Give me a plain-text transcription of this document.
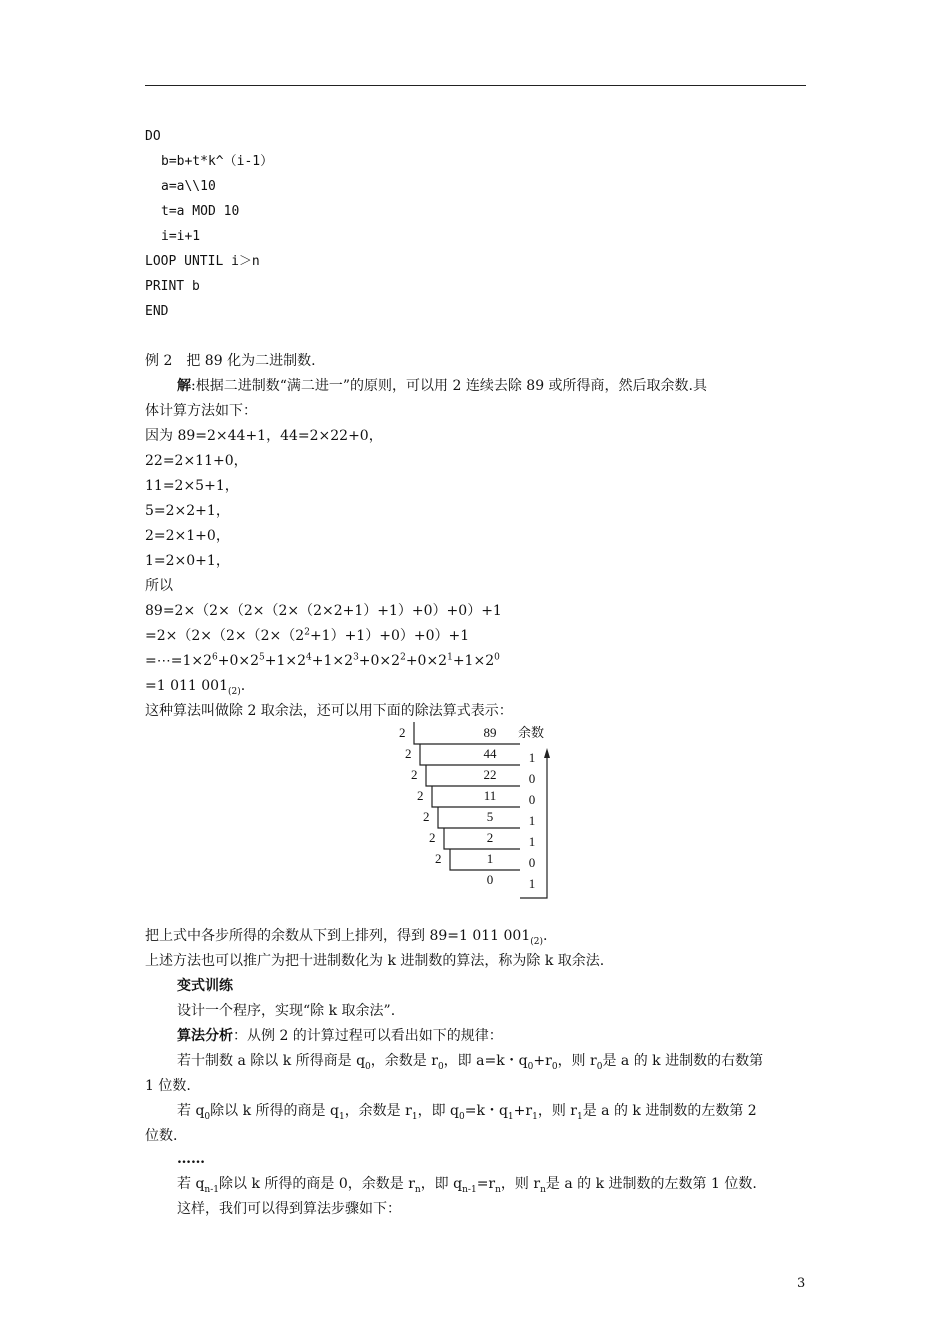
DO
b=b+t*k^（i-1）
a=a\\10
t=a MOD 10
i=i+1
LOOP UNTIL i＞n
PRINT b
END
例 2　把 89 化为二进制数.
解:根据二进制数“满二进一”的原则，可以用 2 连续去除 89 或所得商，然后取余数.具
体计算方法如下：
因为 89=2×44+1，44=2×22+0，
22=2×11+0，
11=2×5+1，
5=2×2+1，
2=2×1+0，
1=2×0+1，
所以
89=2×（2×（2×（2×（2×2+1）+1）+0）+0）+1
$=2\times(2\times(2\times(2\times(2^2+1)+1)+0)+0)+1$
$=\cdots=1\times 2^6+0\times 2^5+1\times 2^4+1\times 2^3+0\times 2^2+0\times 2^1+1\times 2^0$
=1 011 $001_{(2)}$.
这种算法叫做除 2 取余法，还可以用下面的除法算式表示：
余数
89
2
44
2
22
2
11
2
5
2
2
2
1
2
0
1
0
0
1
1
0
1
把上式中各步所得的余数从下到上排列，得到 89=1 011 $001_{(2)}$.
上述方法也可以推广为把十进制数化为 k 进制数的算法，称为除 k 取余法.
变式训练
设计一个程序，实现“除 k 取余法”.
算法分析：从例 2 的计算过程可以看出如下的规律：
若十制数 a 除以 k 所得商是 $q_0$，余数是 $r_0$，即 a=k・$q_0+r_0$，则 $r_0$是 a 的 k 进制数的右数第
1 位数.
若 $q_0$除以 k 所得的商是 $q_1$，余数是 $r_1$，即 $q_0=k$・$q_1+r_1$，则 $r_1$是 a 的 k 进制数的左数第 2
位数.
……
若 $q_{n-1}$除以 k 所得的商是 0，余数是 $r_n$，即 $q_{n-1}=r_n$，则 $r_n$是 a 的 k 进制数的左数第 1 位数.
这样，我们可以得到算法步骤如下：
3
